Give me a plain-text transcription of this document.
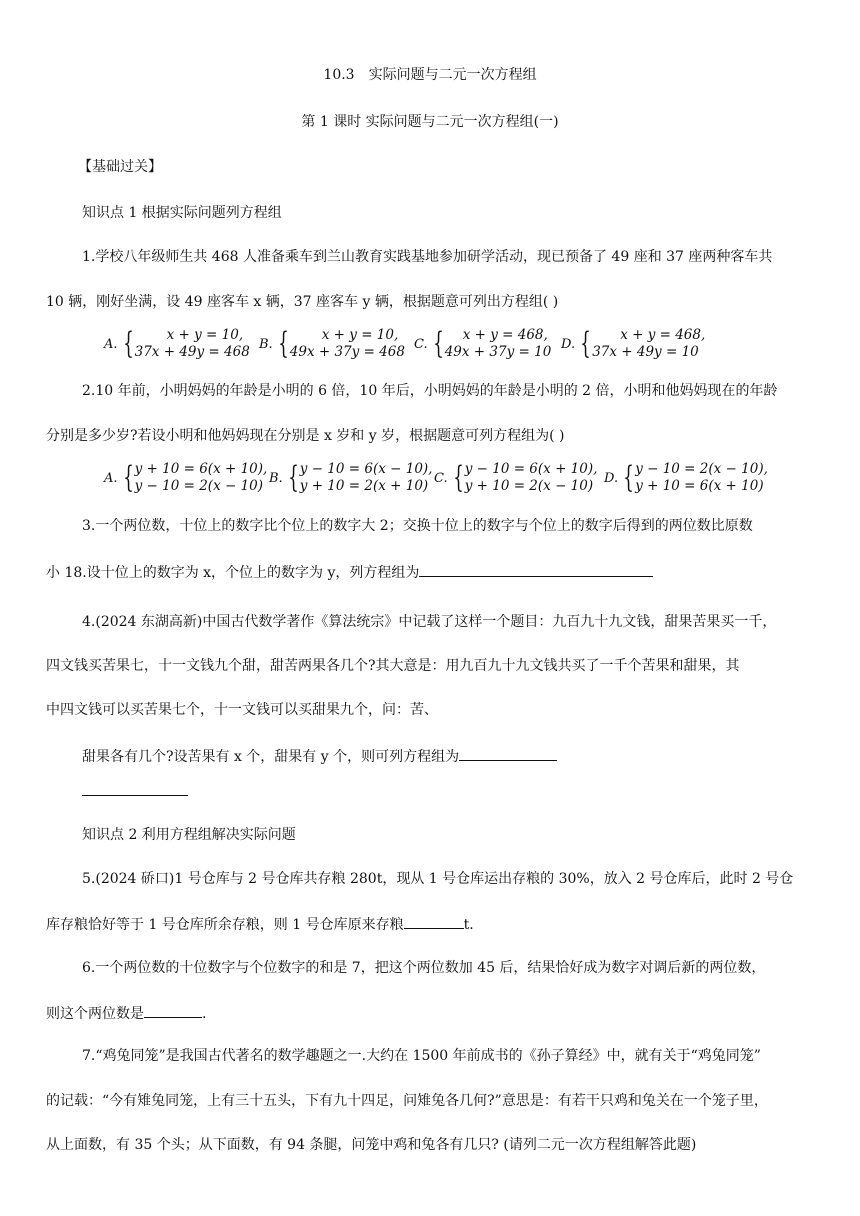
10.3　实际问题与二元一次方程组
第 1 课时 实际问题与二元一次方程组(一)
【基础过关】
知识点 1 根据实际问题列方程组
1.学校八年级师生共 468 人准备乘车到兰山教育实践基地参加研学活动，现已预备了 49 座和 37 座两种客车共
10 辆，刚好坐满，设 49 座客车 x 辆，37 座客车 y 辆，根据题意可列出方程组( )
A. {	x + y = 10,
37x + 49y = 468 B. {	x + y = 10,
49x + 37y = 468 C. {	x + y = 468,
49x + 37y = 10 D. {	x + y = 468,
37x + 49y = 10
2.10 年前，小明妈妈的年龄是小明的 6 倍，10 年后，小明妈妈的年龄是小明的 2 倍，小明和他妈妈现在的年龄
分别是多少岁?若设小明和他妈妈现在分别是 x 岁和 y 岁，根据题意可列方程组为( )
A. { y + 10 = 6(x + 10),
y − 10 = 2(x − 10) B. { y − 10 = 6(x − 10),
y + 10 = 2(x + 10) C. { y − 10 = 6(x + 10),
y + 10 = 2(x − 10) D. { y − 10 = 2(x − 10),
y + 10 = 6(x + 10)
3.一个两位数，十位上的数字比个位上的数字大 2；交换十位上的数字与个位上的数字后得到的两位数比原数
小 18.设十位上的数字为 x，个位上的数字为 y，列方程组为
4.(2024 东湖高新)中国古代数学著作《算法统宗》中记载了这样一个题目：九百九十九文钱，甜果苦果买一千，
四文钱买苦果七，十一文钱九个甜，甜苦两果各几个?其大意是：用九百九十九文钱共买了一千个苦果和甜果，其
中四文钱可以买苦果七个，十一文钱可以买甜果九个，问：苦、
甜果各有几个?设苦果有 x 个，甜果有 y 个，则可列方程组为
知识点 2 利用方程组解决实际问题
5.(2024 硚口)1 号仓库与 2 号仓库共存粮 280t，现从 1 号仓库运出存粮的 30%，放入 2 号仓库后，此时 2 号仓
库存粮恰好等于 1 号仓库所余存粮，则 1 号仓库原来存粮	t.
6.一个两位数的十位数字与个位数字的和是 7，把这个两位数加 45 后，结果恰好成为数字对调后新的两位数，
则这个两位数是	.
7.“鸡兔同笼”是我国古代著名的数学趣题之一.大约在 1500 年前成书的《孙子算经》中，就有关于“鸡兔同笼”
的记载：“今有雉兔同笼，上有三十五头，下有九十四足，问雉兔各几何?”意思是：有若干只鸡和兔关在一个笼子里，
从上面数，有 35 个头；从下面数，有 94 条腿，问笼中鸡和兔各有几只? (请列二元一次方程组解答此题)
